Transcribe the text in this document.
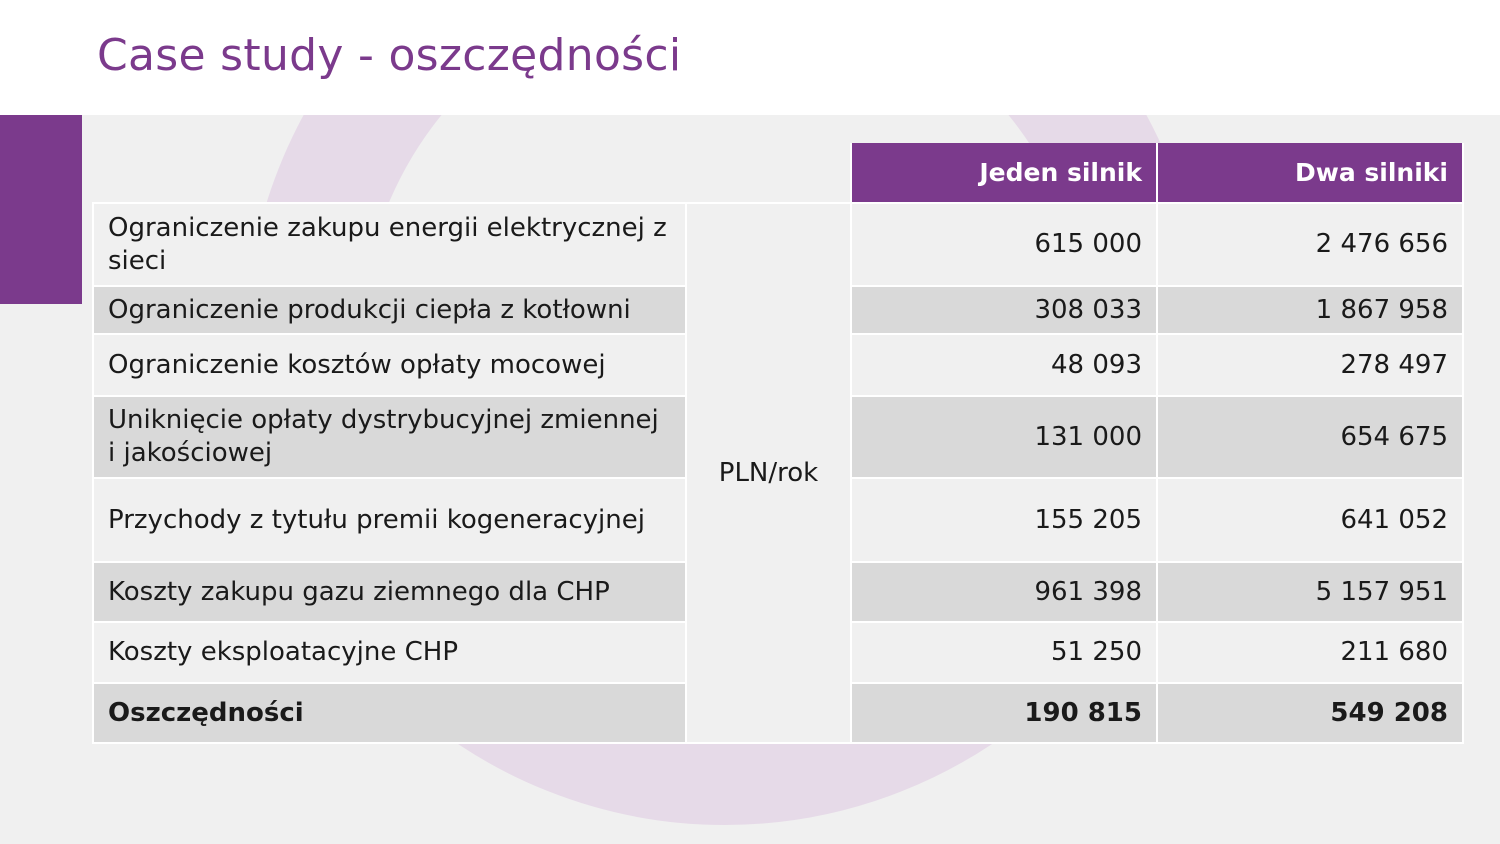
Case study - oszczędności
		Jeden silnik	Dwa silniki
Ograniczenie zakupu energii elektrycznej z sieci	PLN/rok	615 000	2 476 656
Ograniczenie produkcji ciepła z kotłowni		308 033	1 867 958
Ograniczenie kosztów opłaty mocowej		48 093	278 497
Uniknięcie opłaty dystrybucyjnej zmiennej i jakościowej		131 000	654 675
Przychody z tytułu premii kogeneracyjnej		155 205	641 052
Koszty zakupu gazu ziemnego dla CHP		961 398	5 157 951
Koszty eksploatacyjne CHP		51 250	211 680
Oszczędności		190 815	549 208
